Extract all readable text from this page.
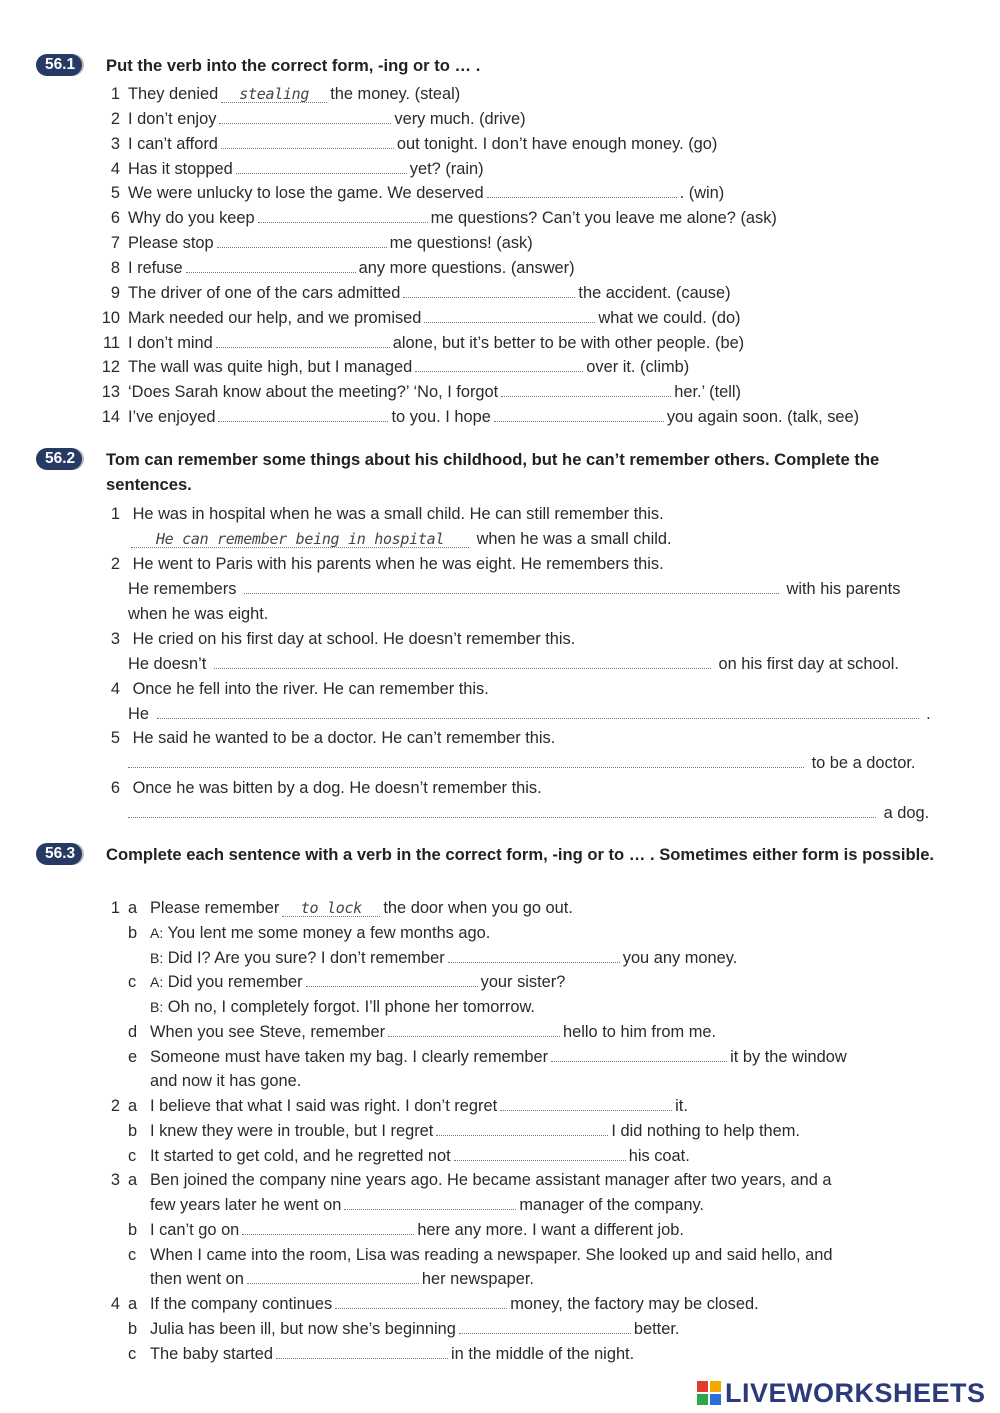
56.1	Put the verb into the correct form, -ing or to … .
1 They denied stealing the money. (steal)
2 I don’t enjoy	very much. (drive)
3 I can’t afford	out tonight. I don’t have enough money. (go)
4 Has it stopped	yet? (rain)
5 We were unlucky to lose the game. We deserved	. (win)
6 Why do you keep	me questions? Can’t you leave me alone? (ask)
7 Please stop	me questions! (ask)
8 I refuse	any more questions. (answer)
9 The driver of one of the cars admitted	the accident. (cause)
10 Mark needed our help, and we promised	what we could. (do)
11 I don’t mind	alone, but it’s better to be with other people. (be)
12 The wall was quite high, but I managed	over it. (climb)
13 ‘Does Sarah know about the meeting?’ ‘No, I forgot	her.’ (tell)
14 I’ve enjoyed	to you. I hope	you again soon. (talk, see)
56.2	Tom can remember some things about his childhood, but he can’t remember others. Complete the sentences.
1 He was in hospital when he was a small child. He can still remember this.
He can remember being in hospital when he was a small child.
2 He went to Paris with his parents when he was eight. He remembers this.
He remembers	with his parents
when he was eight.
3 He cried on his first day at school. He doesn’t remember this.
He doesn’t	on his first day at school.
4 Once he fell into the river. He can remember this.
He	.
5 He said he wanted to be a doctor. He can’t remember this.
to be a doctor.
6 Once he was bitten by a dog. He doesn’t remember this.
a dog.
56.3	Complete each sentence with a verb in the correct form, -ing or to … . Sometimes either form is possible.
1 a Please remember to lock the door when you go out.
b A: You lent me some money a few months ago.
B: Did I? Are you sure? I don’t remember	you any money.
c A: Did you remember	your sister?
B: Oh no, I completely forgot. I’ll phone her tomorrow.
d When you see Steve, remember	hello to him from me.
e Someone must have taken my bag. I clearly remember	it by the window
and now it has gone.
2 a I believe that what I said was right. I don’t regret	it.
b I knew they were in trouble, but I regret	I did nothing to help them.
c It started to get cold, and he regretted not	his coat.
3 a Ben joined the company nine years ago. He became assistant manager after two years, and a
few years later he went on	manager of the company.
b I can’t go on	here any more. I want a different job.
c When I came into the room, Lisa was reading a newspaper. She looked up and said hello, and
then went on	her newspaper.
4 a If the company continues	money, the factory may be closed.
b Julia has been ill, but now she’s beginning	better.
c The baby started	in the middle of the night.
LIVEWORKSHEETS
